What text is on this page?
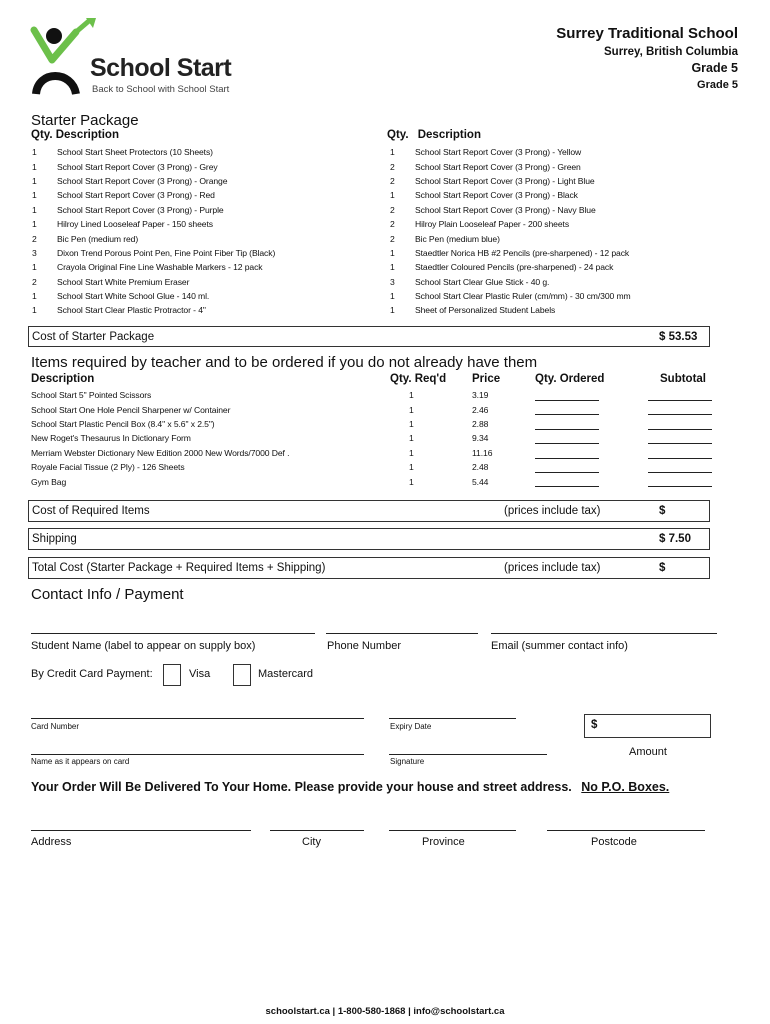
School Start
Back to School with School Start
Surrey Traditional School
Surrey, British Columbia
Grade 5
Grade 5
Starter Package
Qty. Description	Qty. Description
1	School Start Sheet Protectors (10 Sheets)
1	School Start Report Cover (3 Prong) - Grey
1	School Start Report Cover (3 Prong) - Orange
1	School Start Report Cover (3 Prong) - Red
1	School Start Report Cover (3 Prong) - Purple
1	Hilroy Lined Looseleaf Paper - 150 sheets
2	Bic Pen (medium red)
3	Dixon Trend Porous Point Pen, Fine Point Fiber Tip (Black)
1	Crayola Original Fine Line Washable Markers - 12 pack
2	School Start White Premium Eraser
1	School Start White School Glue - 140 ml.
1	School Start Clear Plastic Protractor - 4"
1	School Start Report Cover (3 Prong) - Yellow
2	School Start Report Cover (3 Prong) - Green
2	School Start Report Cover (3 Prong) - Light Blue
1	School Start Report Cover (3 Prong) - Black
2	School Start Report Cover (3 Prong) - Navy Blue
2	Hilroy Plain Looseleaf Paper - 200 sheets
2	Bic Pen (medium blue)
1	Staedtler Norica HB #2 Pencils (pre-sharpened) - 12 pack
1	Staedtler Coloured Pencils (pre-sharpened) - 24 pack
3	School Start Clear Glue Stick - 40 g.
1	School Start Clear Plastic Ruler (cm/mm) - 30 cm/300 mm
1	Sheet of Personalized Student Labels
Cost of Starter Package	$ 53.53
Items required by teacher and to be ordered if you do not already have them
Description	Qty. Req'd Price	Qty. Ordered	Subtotal
School Start 5" Pointed Scissors	1	3.19
School Start One Hole Pencil Sharpener w/ Container	1	2.46
School Start Plastic Pencil Box (8.4" x 5.6" x 2.5")	1	2.88
New Roget's Thesaurus In Dictionary Form	1	9.34
Merriam Webster Dictionary New Edition 2000 New Words/7000 Def .	1	11.16
Royale Facial Tissue (2 Ply) - 126 Sheets	1	2.48
Gym Bag	1	5.44
Cost of Required Items	(prices include tax)	$
Shipping	$ 7.50
Total Cost (Starter Package + Required Items + Shipping)	(prices include tax)	$
Contact Info / Payment
Student Name (label to appear on supply box)	Phone Number	Email (summer contact info)
By Credit Card Payment:	Visa	Mastercard
Card Number	Expiry Date	$
Amount
Name as it appears on card	Signature
Your Order Will Be Delivered To Your Home. Please provide your house and street address. No P.O. Boxes.
Address	City	Province	Postcode
schoolstart.ca | 1-800-580-1868 | info@schoolstart.ca
